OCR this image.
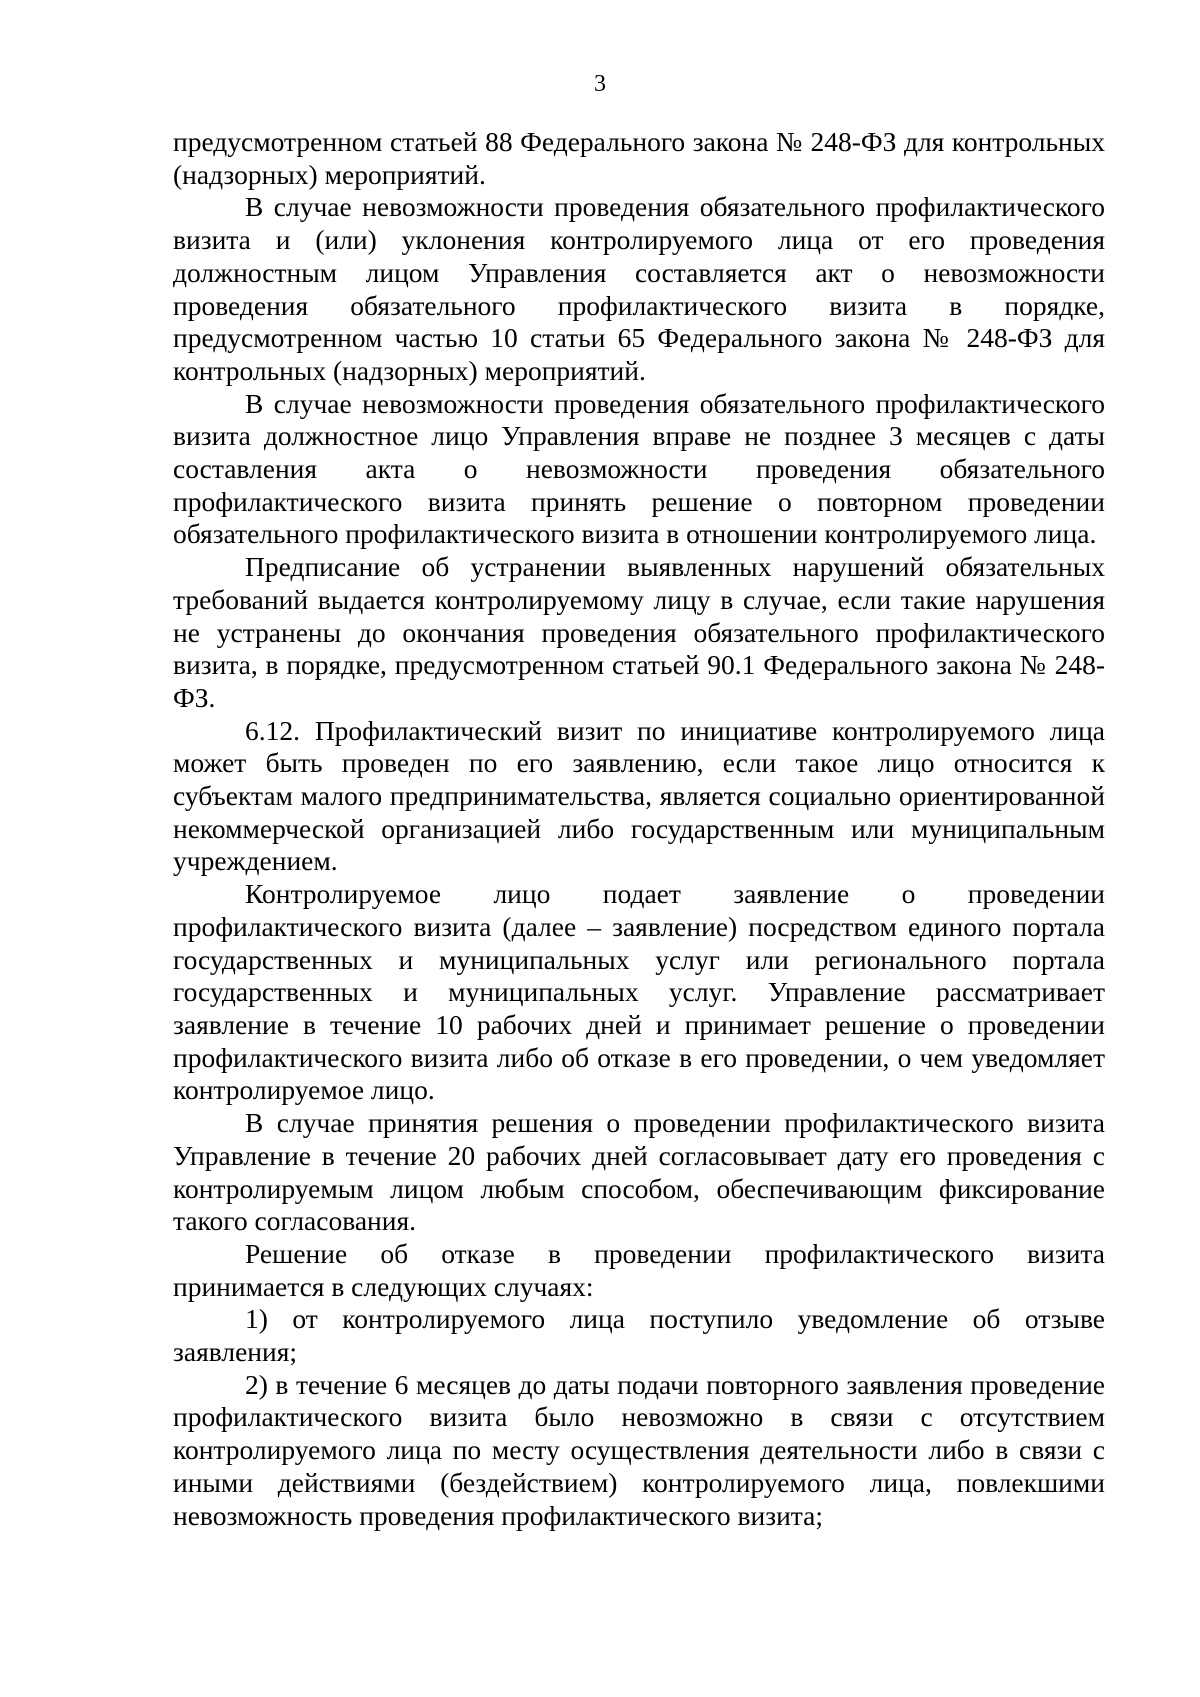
3

предусмотренном статьей 88 Федерального закона № 248-ФЗ для контрольных (надзорных) мероприятий.

В случае невозможности проведения обязательного профилактического визита и (или) уклонения контролируемого лица от его проведения должностным лицом Управления составляется акт о невозможности проведения обязательного профилактического визита в порядке, предусмотренном частью 10 статьи 65 Федерального закона № 248-ФЗ для контрольных (надзорных) мероприятий.

В случае невозможности проведения обязательного профилактического визита должностное лицо Управления вправе не позднее 3 месяцев с даты составления акта о невозможности проведения обязательного профилактического визита принять решение о повторном проведении обязательного профилактического визита в отношении контролируемого лица.

Предписание об устранении выявленных нарушений обязательных требований выдается контролируемому лицу в случае, если такие нарушения не устранены до окончания проведения обязательного профилактического визита, в порядке, предусмотренном статьей 90.1 Федерального закона № 248-ФЗ.

6.12. Профилактический визит по инициативе контролируемого лица может быть проведен по его заявлению, если такое лицо относится к субъектам малого предпринимательства, является социально ориентированной некоммерческой организацией либо государственным или муниципальным учреждением.

Контролируемое лицо подает заявление о проведении профилактического визита (далее – заявление) посредством единого портала государственных и муниципальных услуг или регионального портала государственных и муниципальных услуг. Управление рассматривает заявление в течение 10 рабочих дней и принимает решение о проведении профилактического визита либо об отказе в его проведении, о чем уведомляет контролируемое лицо.

В случае принятия решения о проведении профилактического визита Управление в течение 20 рабочих дней согласовывает дату его проведения с контролируемым лицом любым способом, обеспечивающим фиксирование такого согласования.

Решение об отказе в проведении профилактического визита принимается в следующих случаях:

1) от контролируемого лица поступило уведомление об отзыве заявления;

2) в течение 6 месяцев до даты подачи повторного заявления проведение профилактического визита было невозможно в связи с отсутствием контролируемого лица по месту осуществления деятельности либо в связи с иными действиями (бездействием) контролируемого лица, повлекшими невозможность проведения профилактического визита;
